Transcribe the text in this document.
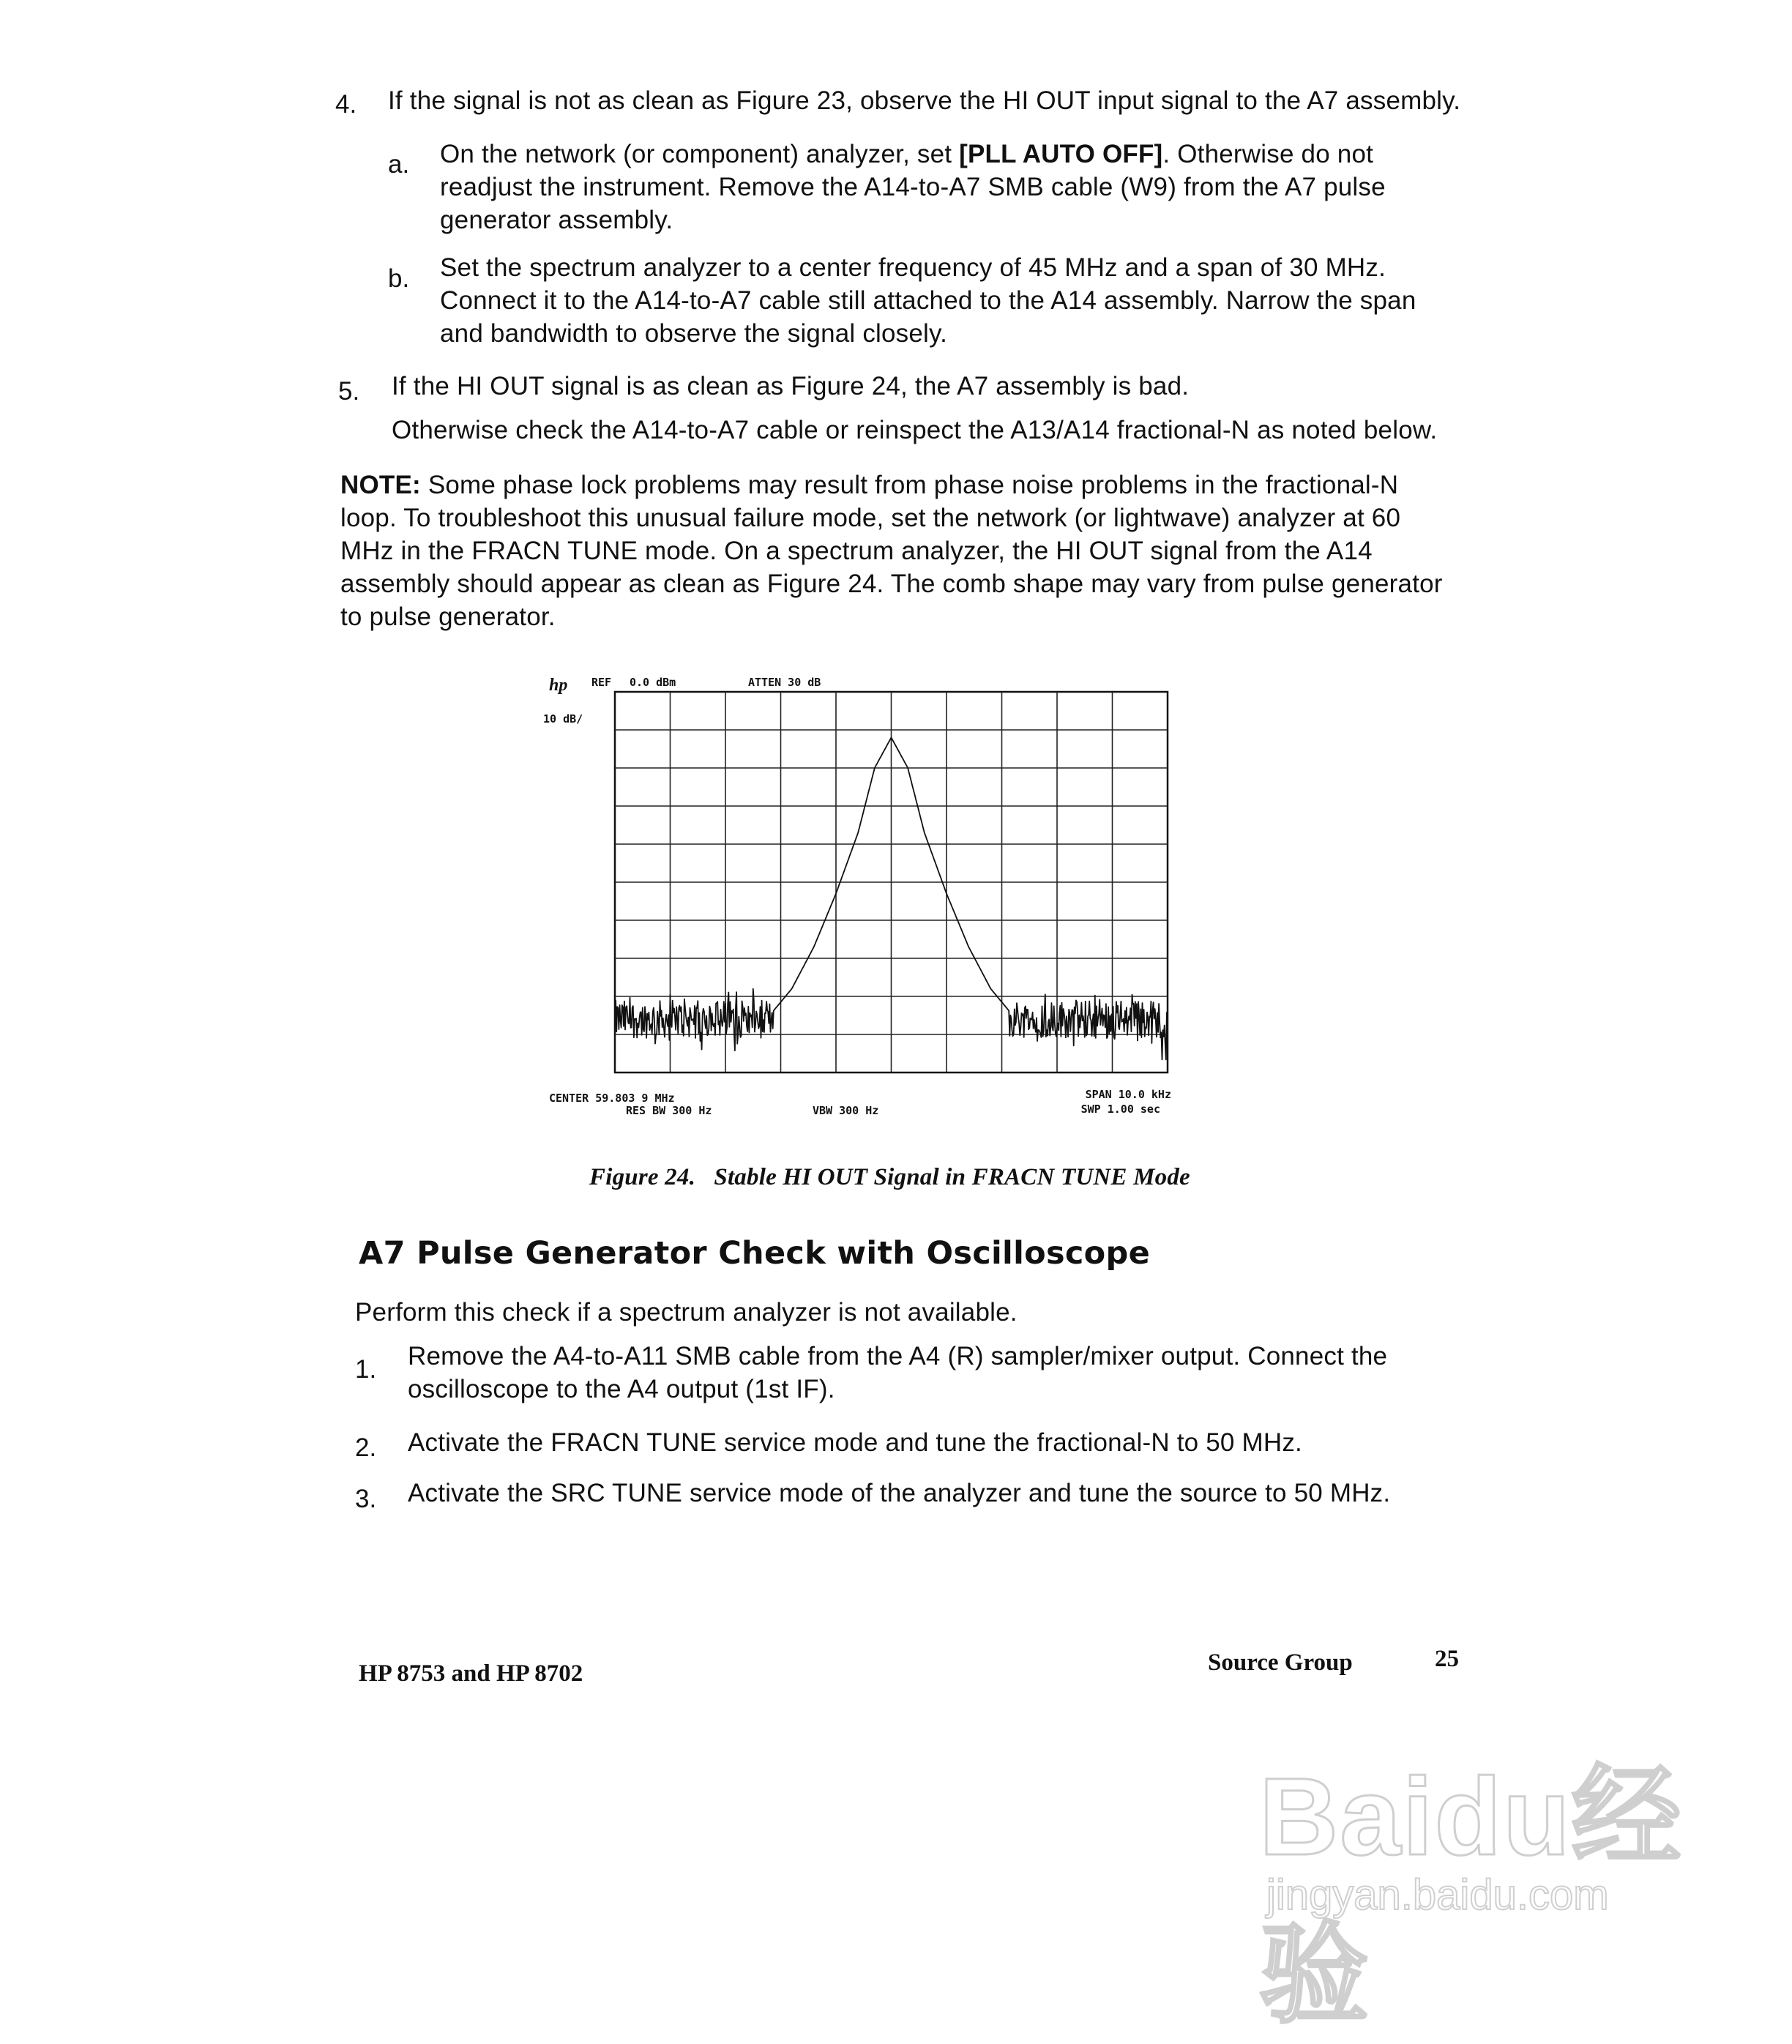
4. If the signal is not as clean as Figure 23, observe the HI OUT input signal to the A7 assembly.
a. On the network (or component) analyzer, set [PLL AUTO OFF]. Otherwise do not readjust the instrument. Remove the A14-to-A7 SMB cable (W9) from the A7 pulse generator assembly.
b. Set the spectrum analyzer to a center frequency of 45 MHz and a span of 30 MHz. Connect it to the A14-to-A7 cable still attached to the A14 assembly. Narrow the span and bandwidth to observe the signal closely.
5. If the HI OUT signal is as clean as Figure 24, the A7 assembly is bad.
Otherwise check the A14-to-A7 cable or reinspect the A13/A14 fractional-N as noted below.
NOTE: Some phase lock problems may result from phase noise problems in the fractional-N loop. To troubleshoot this unusual failure mode, set the network (or lightwave) analyzer at 60 MHz in the FRACN TUNE mode. On a spectrum analyzer, the HI OUT signal from the A14 assembly should appear as clean as Figure 24. The comb shape may vary from pulse generator to pulse generator.
hp REF 0.0 dBm	ATTEN 30 dB
10 dB/
CENTER 59.803 9 MHz
RES BW 300 Hz	VBW 300 Hz
SPAN 10.0 kHz
SWP 1.00 sec
Figure 24. Stable HI OUT Signal in FRACN TUNE Mode
A7 Pulse Generator Check with Oscilloscope
Perform this check if a spectrum analyzer is not available.
1. Remove the A4-to-A11 SMB cable from the A4 (R) sampler/mixer output. Connect the oscilloscope to the A4 output (1st IF).
2. Activate the FRACN TUNE service mode and tune the fractional-N to 50 MHz.
3. Activate the SRC TUNE service mode of the analyzer and tune the source to 50 MHz.
HP 8753 and HP 8702	Source Group	25
Baidu经验
jingyan.baidu.com
